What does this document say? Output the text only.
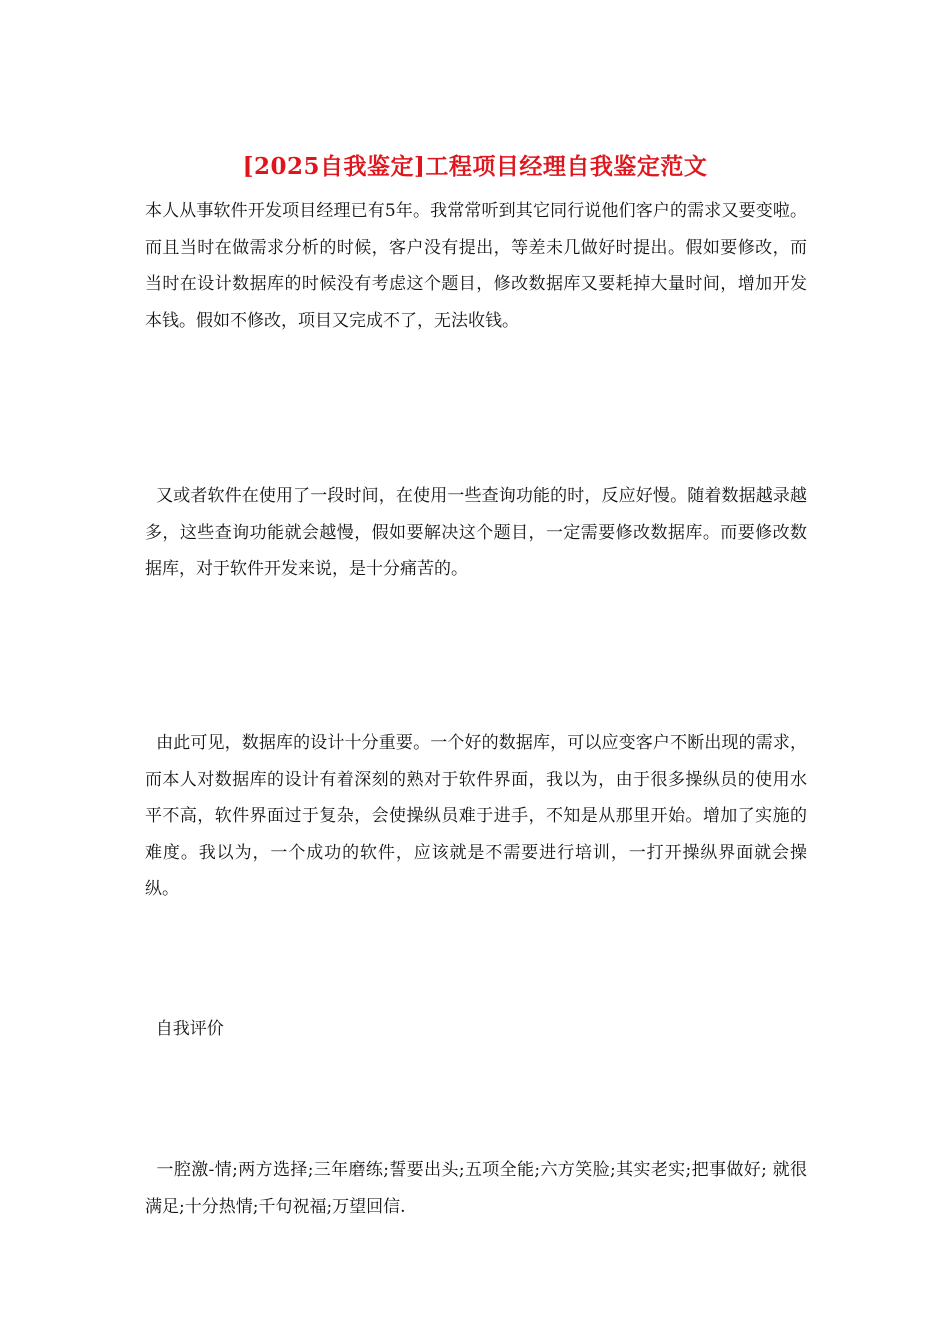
[2025自我鉴定]工程项目经理自我鉴定范文

本人从事软件开发项目经理已有5年。我常常听到其它同行说他们客户的需求又要变啦。而且当时在做需求分析的时候，客户没有提出，等差未几做好时提出。假如要修改，而当时在设计数据库的时候没有考虑这个题目，修改数据库又要耗掉大量时间，增加开发本钱。假如不修改，项目又完成不了，无法收钱。

又或者软件在使用了一段时间，在使用一些查询功能的时，反应好慢。随着数据越录越多，这些查询功能就会越慢，假如要解决这个题目，一定需要修改数据库。而要修改数据库，对于软件开发来说，是十分痛苦的。

由此可见，数据库的设计十分重要。一个好的数据库，可以应变客户不断出现的需求，而本人对数据库的设计有着深刻的熟对于软件界面，我以为，由于很多操纵员的使用水平不高，软件界面过于复杂，会使操纵员难于进手，不知是从那里开始。增加了实施的难度。我以为，一个成功的软件，应该就是不需要进行培训，一打开操纵界面就会操纵。

自我评价

一腔激-情;两方选择;三年磨练;誓要出头;五项全能;六方笑脸;其实老实;把事做好; 就很满足;十分热情;千句祝福;万望回信.
